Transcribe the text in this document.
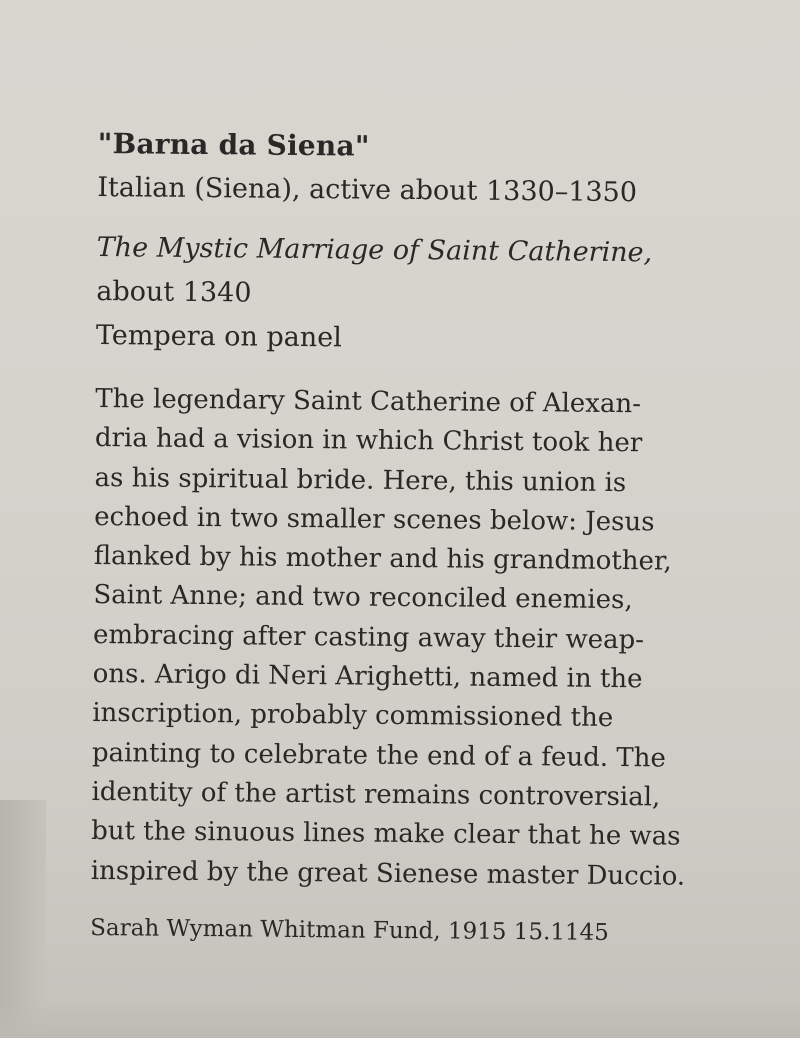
"Barna da Siena"

Italian (Siena), active about 1330–1350

The Mystic Marriage of Saint Catherine,

about 1340

Tempera on panel

The legendary Saint Catherine of Alexan-

dria had a vision in which Christ took her

as his spiritual bride. Here, this union is

echoed in two smaller scenes below: Jesus

flanked by his mother and his grandmother,

Saint Anne; and two reconciled enemies,

embracing after casting away their weap-

ons. Arigo di Neri Arighetti, named in the

inscription, probably commissioned the

painting to celebrate the end of a feud. The

identity of the artist remains controversial,

but the sinuous lines make clear that he was

inspired by the great Sienese master Duccio.

Sarah Wyman Whitman Fund, 1915 15.1145
